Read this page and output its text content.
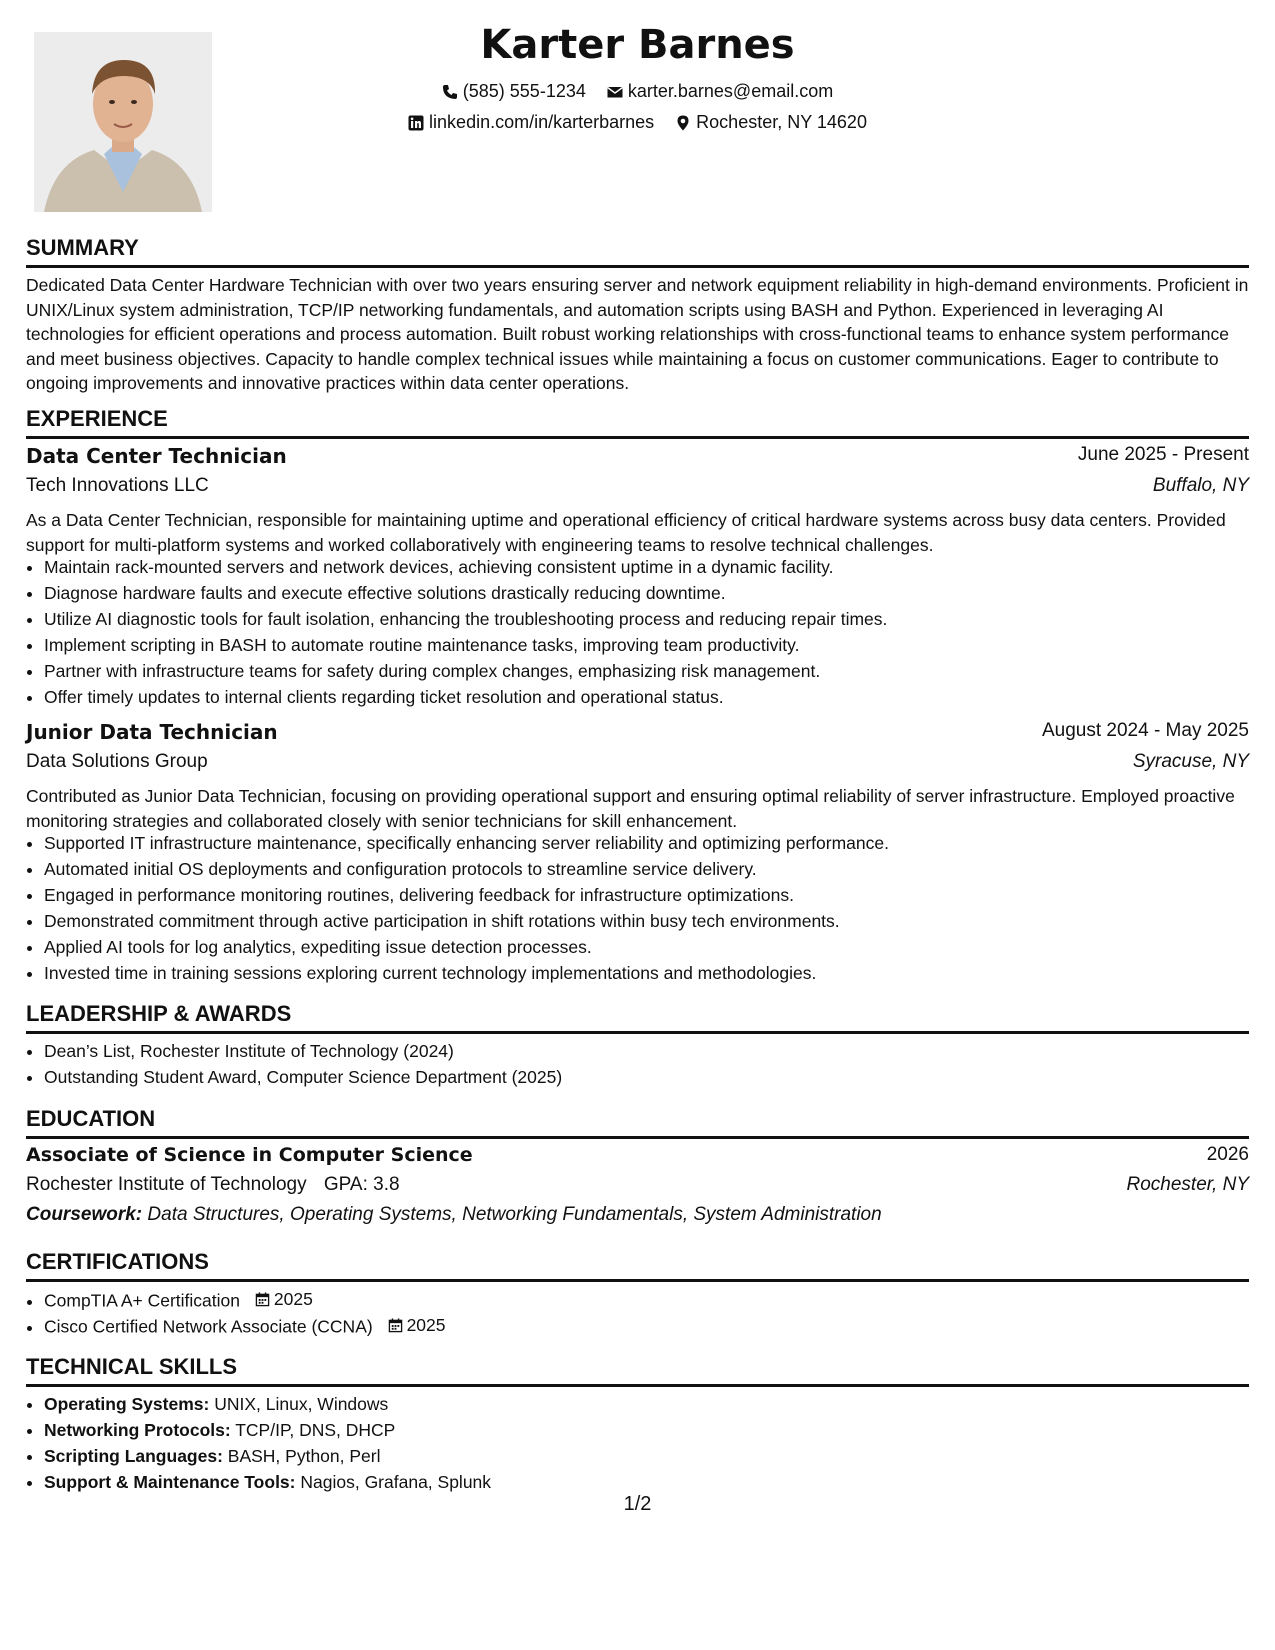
Karter Barnes
(585) 555-1234
karter.barnes@email.com
linkedin.com/in/karterbarnes
Rochester, NY 14620
SUMMARY
Dedicated Data Center Hardware Technician with over two years ensuring server and network equipment reliability in high-demand environments. Proficient in UNIX/Linux system administration, TCP/IP networking fundamentals, and automation scripts using BASH and Python. Experienced in leveraging AI technologies for efficient operations and process automation. Built robust working relationships with cross-functional teams to enhance system performance and meet business objectives. Capacity to handle complex technical issues while maintaining a focus on customer communications. Eager to contribute to ongoing improvements and innovative practices within data center operations.
EXPERIENCE
Data Center Technician	June 2025 - Present
Tech Innovations LLC	Buffalo, NY
As a Data Center Technician, responsible for maintaining uptime and operational efficiency of critical hardware systems across busy data centers. Provided support for multi-platform systems and worked collaboratively with engineering teams to resolve technical challenges.
• Maintain rack-mounted servers and network devices, achieving consistent uptime in a dynamic facility.
• Diagnose hardware faults and execute effective solutions drastically reducing downtime.
• Utilize AI diagnostic tools for fault isolation, enhancing the troubleshooting process and reducing repair times.
• Implement scripting in BASH to automate routine maintenance tasks, improving team productivity.
• Partner with infrastructure teams for safety during complex changes, emphasizing risk management.
• Offer timely updates to internal clients regarding ticket resolution and operational status.
Junior Data Technician	August 2024 - May 2025
Data Solutions Group	Syracuse, NY
Contributed as Junior Data Technician, focusing on providing operational support and ensuring optimal reliability of server infrastructure. Employed proactive monitoring strategies and collaborated closely with senior technicians for skill enhancement.
• Supported IT infrastructure maintenance, specifically enhancing server reliability and optimizing performance.
• Automated initial OS deployments and configuration protocols to streamline service delivery.
• Engaged in performance monitoring routines, delivering feedback for infrastructure optimizations.
• Demonstrated commitment through active participation in shift rotations within busy tech environments.
• Applied AI tools for log analytics, expediting issue detection processes.
• Invested time in training sessions exploring current technology implementations and methodologies.
LEADERSHIP & AWARDS
• Dean’s List, Rochester Institute of Technology (2024)
• Outstanding Student Award, Computer Science Department (2025)
EDUCATION
Associate of Science in Computer Science	2026
Rochester Institute of Technology GPA: 3.8	Rochester, NY
Coursework: Data Structures, Operating Systems, Networking Fundamentals, System Administration
CERTIFICATIONS
• CompTIA A+ Certification 2025
• Cisco Certified Network Associate (CCNA) 2025
TECHNICAL SKILLS
• Operating Systems: UNIX, Linux, Windows
• Networking Protocols: TCP/IP, DNS, DHCP
• Scripting Languages: BASH, Python, Perl
• Support & Maintenance Tools: Nagios, Grafana, Splunk
1/2
